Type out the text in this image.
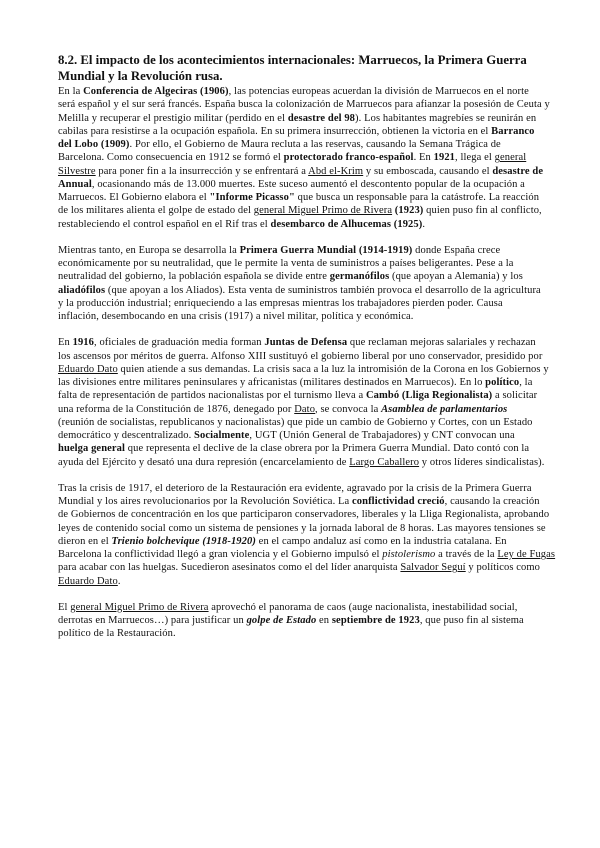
8.2. El impacto de los acontecimientos internacionales: Marruecos, la Primera Guerra Mundial y la Revolución rusa.
En la Conferencia de Algeciras (1906), las potencias europeas acuerdan la división de Marruecos en el norte
será español y el sur será francés. España busca la colonización de Marruecos para afianzar la posesión de Ceuta y
Melilla y recuperar el prestigio militar (perdido en el desastre del 98). Los habitantes magrebíes se reunirán en
cabilas para resistirse a la ocupación española. En su primera insurrección, obtienen la victoria en el Barranco
del Lobo (1909). Por ello, el Gobierno de Maura recluta a las reservas, causando la Semana Trágica de
Barcelona. Como consecuencia en 1912 se formó el protectorado franco-español. En 1921, llega el general
Silvestre para poner fin a la insurrección y se enfrentará a Abd el-Krim y su emboscada, causando el desastre de
Annual, ocasionando más de 13.000 muertes. Este suceso aumentó el descontento popular de la ocupación a
Marruecos. El Gobierno elabora el "Informe Picasso" que busca un responsable para la catástrofe. La reacción
de los militares alienta el golpe de estado del general Miguel Primo de Rivera (1923) quien puso fin al conflicto,
restableciendo el control español en el Rif tras el desembarco de Alhucemas (1925).
Mientras tanto, en Europa se desarrolla la Primera Guerra Mundial (1914-1919) donde España crece
económicamente por su neutralidad, que le permite la venta de suministros a países beligerantes. Pese a la
neutralidad del gobierno, la población española se divide entre germanófilos (que apoyan a Alemania) y los
aliadófilos (que apoyan a los Aliados). Esta venta de suministros también provoca el desarrollo de la agricultura
y la producción industrial; enriqueciendo a las empresas mientras los trabajadores pierden poder. Causa
inflación, desembocando en una crisis (1917) a nivel militar, política y económica.
En 1916, oficiales de graduación media forman Juntas de Defensa que reclaman mejoras salariales y rechazan
los ascensos por méritos de guerra. Alfonso XIII sustituyó el gobierno liberal por uno conservador, presidido por
Eduardo Dato quien atiende a sus demandas. La crisis saca a la luz la intromisión de la Corona en los Gobiernos y
las divisiones entre militares peninsulares y africanistas (militares destinados en Marruecos). En lo político, la
falta de representación de partidos nacionalistas por el turnismo lleva a Cambó (Lliga Regionalista) a solicitar
una reforma de la Constitución de 1876, denegado por Dato, se convoca la Asamblea de parlamentarios
(reunión de socialistas, republicanos y nacionalistas) que pide un cambio de Gobierno y Cortes, con un Estado
democrático y descentralizado. Socialmente, UGT (Unión General de Trabajadores) y CNT convocan una
huelga general que representa el declive de la clase obrera por la Primera Guerra Mundial. Dato contó con la
ayuda del Ejército y desató una dura represión (encarcelamiento de Largo Caballero y otros líderes sindicalistas).
Tras la crisis de 1917, el deterioro de la Restauración era evidente, agravado por la crisis de la Primera Guerra
Mundial y los aires revolucionarios por la Revolución Soviética. La conflictividad creció, causando la creación
de Gobiernos de concentración en los que participaron conservadores, liberales y la Lliga Regionalista, aprobando
leyes de contenido social como un sistema de pensiones y la jornada laboral de 8 horas. Las mayores tensiones se
dieron en el Trienio bolchevique (1918-1920) en el campo andaluz así como en la industria catalana. En
Barcelona la conflictividad llegó a gran violencia y el Gobierno impulsó el pistolerismo a través de la Ley de Fugas
para acabar con las huelgas. Sucedieron asesinatos como el del líder anarquista Salvador Seguí y políticos como
Eduardo Dato.
El general Miguel Primo de Rivera aprovechó el panorama de caos (auge nacionalista, inestabilidad social,
derrotas en Marruecos…) para justificar un golpe de Estado en septiembre de 1923, que puso fin al sistema
político de la Restauración.
